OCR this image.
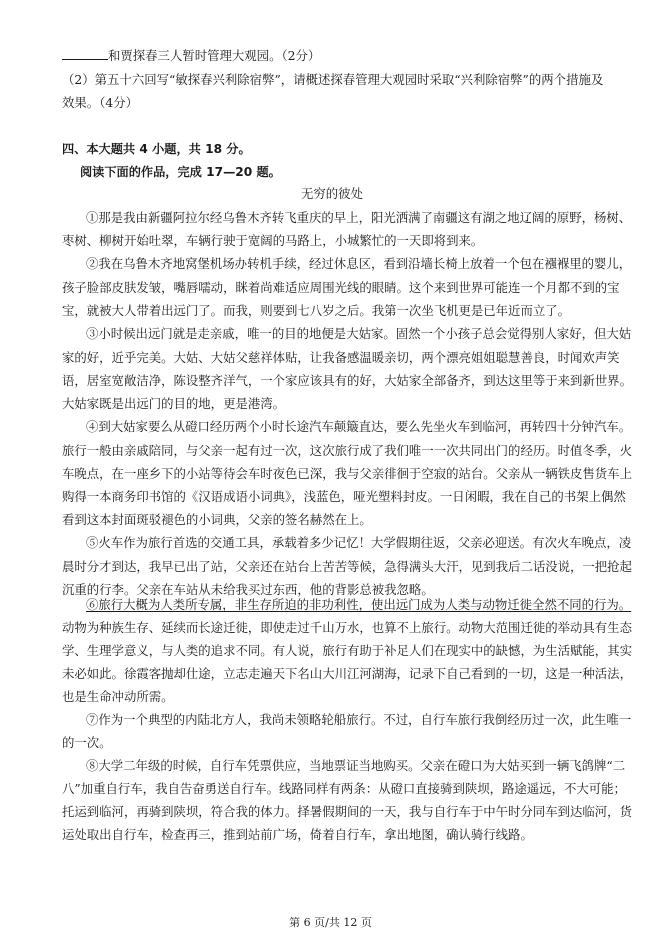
和贾探春三人暂时管理大观园。（2分）
（2）第五十六回写“敏探春兴利除宿弊”，请概述探春管理大观园时采取“兴利除宿弊”的两个措施及
效果。（4分）
四、本大题共 4 小题，共 18 分。
阅读下面的作品，完成 17—20 题。
无穷的彼处
①那是我由新疆阿拉尔经乌鲁木齐转飞重庆的早上，阳光洒满了南疆这有湖之地辽阔的原野，杨树、
枣树、柳树开始吐翠，车辆行驶于宽阔的马路上，小城繁忙的一天即将到来。
②我在乌鲁木齐地窝堡机场办转机手续，经过休息区，看到沿墙长椅上放着一个包在襁褓里的婴儿，
孩子脸部皮肤发皱，嘴唇嚅动，眯着尚难适应周围光线的眼睛。这个来到世界可能连一个月都不到的宝
宝，就被大人带着出远门了。而我，则要到七八岁之后。我第一次坐飞机更是已年近而立了。
③小时候出远门就是走亲戚，唯一的目的地便是大姑家。固然一个小孩子总会觉得别人家好，但大姑
家的好，近乎完美。大姑、大姑父慈祥体贴，让我备感温暖亲切，两个漂亮姐姐聪慧善良，时闻欢声笑
语，居室宽敞洁净，陈设整齐洋气，一个家应该具有的好，大姑家全部备齐，到达这里等于来到新世界。
大姑家既是出远门的目的地，更是港湾。
④到大姑家要么从磴口经历两个小时长途汽车颠簸直达，要么先坐火车到临河，再转四十分钟汽车。
旅行一般由亲戚陪同，与父亲一起有过一次，这次旅行成了我们唯一一次共同出门的经历。时值冬季，火
车晚点，在一座乡下的小站等待会车时夜色已深，我与父亲徘徊于空寂的站台。父亲从一辆铁皮售货车上
购得一本商务印书馆的《汉语成语小词典》，浅蓝色，哑光塑料封皮。一日闲暇，我在自己的书架上偶然
看到这本封面斑驳褪色的小词典，父亲的签名赫然在上。
⑤火车作为旅行首选的交通工具，承载着多少记忆！大学假期往返，父亲必迎送。有次火车晚点，凌
晨时分才到达，我早已出了站，父亲还在站台上苦苦等候，急得满头大汗，见到我后二话没说，一把抢起
沉重的行李。父亲在车站从未给我买过东西，他的背影总被我忽略。
⑥旅行大概为人类所专属，非生存所迫的非功利性，使出远门成为人类与动物迁徙全然不同的行为。
动物为种族生存、延续而长途迁徙，即使走过千山万水，也算不上旅行。动物大范围迁徙的举动具有生态
学、生理学意义，与人类的追求不同。有人说，旅行有助于补足人们在现实中的缺憾，为生活赋能，其实
未必如此。徐霞客抛却仕途，立志走遍天下名山大川江河湖海，记录下自己看到的一切，这是一种活法，
也是生命冲动所需。
⑦作为一个典型的内陆北方人，我尚未领略轮船旅行。不过，自行车旅行我倒经历过一次，此生唯一
的一次。
⑧大学二年级的时候，自行车凭票供应，当地票证当地购买。父亲在磴口为大姑买到一辆飞鸽牌“二
八”加重自行车，我自告奋勇送自行车。线路同样有两条：从磴口直接骑到陕坝，路途遥远，不大可能；
托运到临河，再骑到陕坝，符合我的体力。择暑假期间的一天，我与自行车于中午时分同车到达临河，货
运处取出自行车，检查再三，推到站前广场，倚着自行车，拿出地图，确认骑行线路。
第 6 页/共 12 页
